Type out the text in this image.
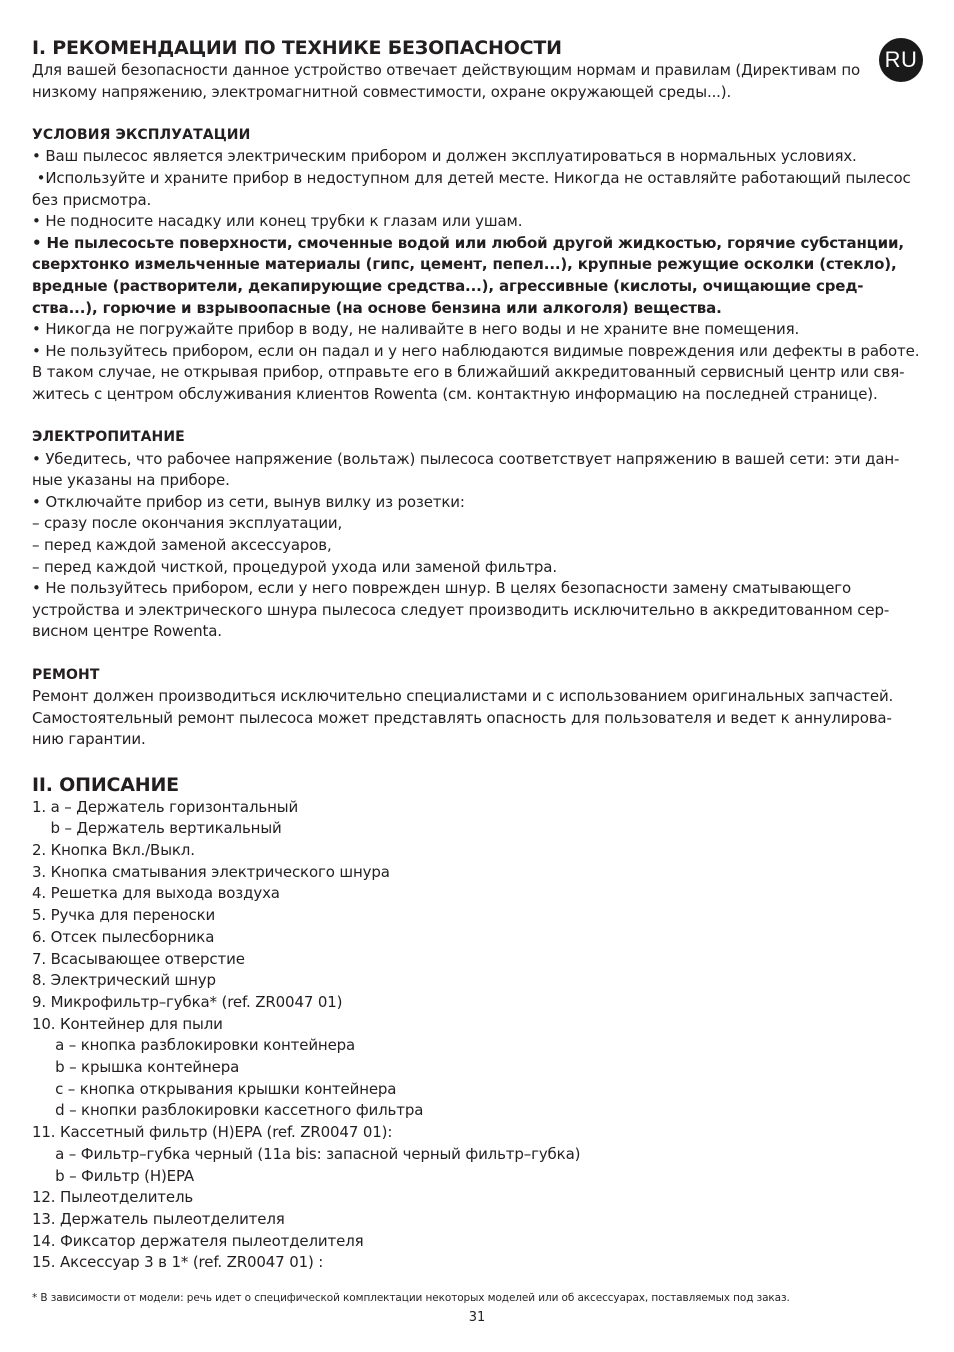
RU
I. РЕКОМЕНДАЦИИ ПО ТЕХНИКЕ БЕЗОПАСНОСТИ
Для вашей безопасности данное устройство отвечает действующим нормам и правилам (Директивам по
низкому напряжению, электромагнитной совместимости, охране окружающей среды...).
УСЛОВИЯ ЭКСПЛУАТАЦИИ
• Ваш пылесос является электрическим прибором и должен эксплуатироваться в нормальных условиях.
•Используйте и храните прибор в недоступном для детей месте. Никогда не оставляйте работающий пылесос
без присмотра.
• Не подносите насадку или конец трубки к глазам или ушам.
• Не пылесосьте поверхности, смоченные водой или любой другой жидкостью, горячие субстанции,
сверхтонко измельченные материалы (гипс, цемент, пепел...), крупные режущие осколки (стекло),
вредные (растворители, декапирующие средства...), агрессивные (кислоты, очищающие сред-
ства...), горючие и взрывоопасные (на основе бензина или алкоголя) вещества.
• Никогда не погружайте прибор в воду, не наливайте в него воды и не храните вне помещения.
• Не пользуйтесь прибором, если он падал и у него наблюдаются видимые повреждения или дефекты в работе.
В таком случае, не открывая прибор, отправьте его в ближайший аккредитованный сервисный центр или свя-
житесь с центром обслуживания клиентов Rowenta (см. контактную информацию на последней странице).
ЭЛЕКТРОПИТАНИЕ
• Убедитесь, что рабочее напряжение (вольтаж) пылесоса соответствует напряжению в вашей сети: эти дан-
ные указаны на приборе.
• Отключайте прибор из сети, вынув вилку из розетки:
– сразу после окончания эксплуатации,
– перед каждой заменой аксессуаров,
– перед каждой чисткой, процедурой ухода или заменой фильтра.
• Не пользуйтесь прибором, если у него поврежден шнур. В целях безопасности замену сматывающего
устройства и электрического шнура пылесоса следует производить исключительно в аккредитованном сер-
висном центре Rowenta.
РЕМОНТ
Ремонт должен производиться исключительно специалистами и с использованием оригинальных запчастей.
Самостоятельный ремонт пылесоса может представлять опасность для пользователя и ведет к аннулирова-
нию гарантии.
II. ОПИСАНИЕ
1. a – Держатель горизонтальный
b – Держатель вертикальный
2. Кнопка Вкл./Выкл.
3. Кнопка сматывания электрического шнура
4. Решетка для выхода воздуха
5. Ручка для переноски
6. Отсек пылесборника
7. Всасывающее отверстие
8. Электрический шнур
9. Микрофильтр–губка* (ref. ZR0047 01)
10. Контейнер для пыли
a – кнопка разблокировки контейнера
b – крышка контейнера
c – кнопка открывания крышки контейнера
d – кнопки разблокировки кассетного фильтра
11. Кассетный фильтр (H)EPA (ref. ZR0047 01):
a – Фильтр–губка черный (11a bis: запасной черный фильтр–губка)
b – Фильтр (H)EPA
12. Пылеотделитель
13. Держатель пылеотделителя
14. Фиксатор держателя пылеотделителя
15. Аксессуар 3 в 1* (ref. ZR0047 01) :
* В зависимости от модели: речь идет о специфической комплектации некоторых моделей или об аксессуарах, поставляемых под заказ.
31
